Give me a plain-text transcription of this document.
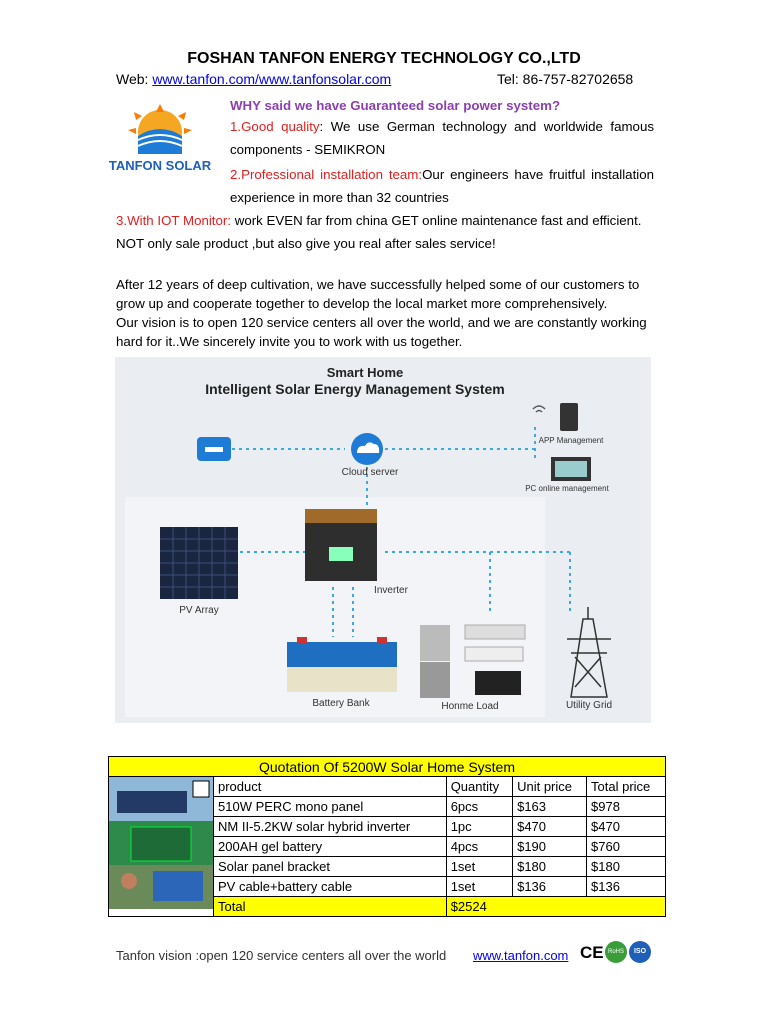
FOSHAN TANFON ENERGY TECHNOLOGY CO.,LTD
Web: www.tanfon.com/www.tanfonsolar.com	Tel: 86-757-82702658
TANFON SOLAR
WHY said we have Guaranteed solar power system?
1.Good quality: We use German technology and worldwide famous components - SEMIKRON
2.Professional installation team:Our engineers have fruitful installation experience in more than 32 countries
3.With IOT Monitor: work EVEN far from china GET online maintenance fast and efficient. NOT only sale product ,but also give you real after sales service!
After 12 years of deep cultivation, we have successfully helped some of our customers to grow up and cooperate together to develop the local market more comprehensively.
Our vision is to open 120 service centers all over the world, and we are constantly working hard for it..We sincerely invite you to work with us together.
Smart Home
Intelligent Solar Energy Management System
Cloud server
APP Management
PC online management
PV Array
Inverter
Battery Bank	Honme Load	Utility Grid
Quotation Of 5200W Solar Home System				
	product	Quantity	Unit price	Total price
	510W PERC mono panel	6pcs	$163	$978
	NM II-5.2KW solar hybrid inverter	1pc	$470	$470
	200AH gel battery	4pcs	$190	$760
	Solar panel bracket	1set	$180	$180
	PV cable+battery cable	1set	$136	$136
	Total	$2524		
Tanfon vision :open 120 service centers all over the world www.tanfon.com CE RoHS	ISO
